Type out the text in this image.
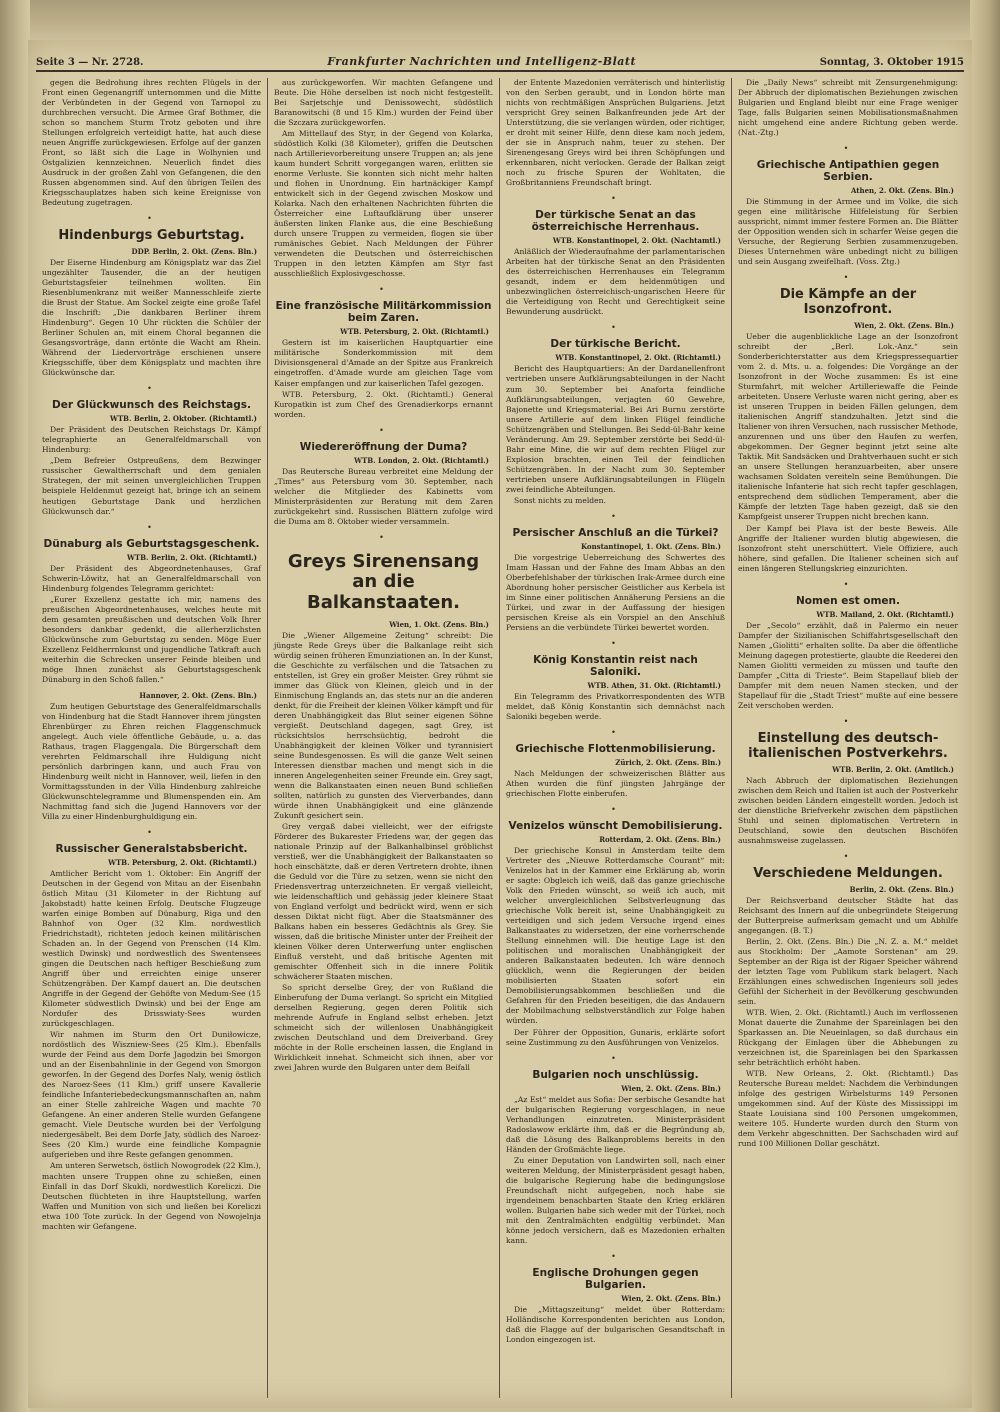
Seite 3 — Nr. 2728.	Frankfurter Nachrichten und Intelligenz-Blatt	Sonntag, 3. Oktober 1915

gegen die Bedrohung ihres rechten Flügels in der Front einen Gegenangriff unternommen und die Mitte der Verbündeten in der Gegend von Tarnopol zu durchbrechen versucht. Die Armee Graf Bothmer, die schon so manchem Sturm Trotz geboten und ihre Stellungen erfolgreich verteidigt hatte, hat auch diese neuen Angriffe zurückgewiesen. Erfolge auf der ganzen Front, so läßt sich die Lage in Wolhynien und Ostgalizien kennzeichnen. Neuerlich findet dies Ausdruck in der großen Zahl von Gefangenen, die den Russen abgenommen sind. Auf den übrigen Teilen des Kriegsschauplatzes haben sich keine Ereignisse von Bedeutung zugetragen.

•
Hindenburgs Geburtstag.
DDP. Berlin, 2. Okt. (Zens. Bln.)

Der Eiserne Hindenburg am Königsplatz war das Ziel ungezählter Tausender, die an der heutigen Geburtstagsfeier teilnehmen wollten. Ein Riesenblumenkranz mit weißer Mannesschleife zierte die Brust der Statue. Am Sockel zeigte eine große Tafel die Inschrift: „Die dankbaren Berliner ihrem Hindenburg“. Gegen 10 Uhr rückten die Schüler der Berliner Schulen an, mit einem Choral begannen die Gesangsvorträge, dann ertönte die Wacht am Rhein. Während der Liedervorträge erschienen unsere Kriegsschiffe, über dem Königsplatz und machten ihre Glückwünsche dar.

•
Der Glückwunsch des Reichstags.
WTB. Berlin, 2. Oktober. (Richtamtl.)

Der Präsident des Deutschen Reichstags Dr. Kämpf telegraphierte an Generalfeldmarschall von Hindenburg:

„Dem Befreier Ostpreußens, dem Bezwinger russischer Gewaltherrschaft und dem genialen Strategen, der mit seinen unvergleichlichen Truppen beispiele Heldenmut gezeigt hat, bringe ich an seinem heutigen Geburtstage Dank und herzlichen Glückwunsch dar.“

•
Dünaburg als Geburtstagsgeschenk.
WTB. Berlin, 2. Okt. (Richtamtl.)

Der Präsident des Abgeordnetenhauses, Graf Schwerin-Löwitz, hat an Generalfeldmarschall von Hindenburg folgendes Telegramm gerichtet:

„Eurer Exzellenz gestatte ich mir, namens des preußischen Abgeordnetenhauses, welches heute mit dem gesamten preußischen und deutschen Volk Ihrer besonders dankbar gedenkt, die allerherzlichsten Glückwünsche zum Geburtstag zu senden. Möge Euer Exzellenz Feldherrnkunst und jugendliche Tatkraft auch weiterhin die Schrecken unserer Feinde bleiben und möge Ihnen zunächst als Geburtstagsgeschenk Dünaburg in den Schoß fallen.“

Hannover, 2. Okt. (Zens. Bln.)

Zum heutigen Geburtstage des Generalfeldmarschalls von Hindenburg hat die Stadt Hannover ihrem jüngsten Ehrenbürger zu Ehren reichen Flaggenschmuck angelegt. Auch viele öffentliche Gebäude, u. a. das Rathaus, tragen Flaggengala. Die Bürgerschaft dem verehrten Feldmarschall ihre Huldigung nicht persönlich darbringen kann, und auch Frau von Hindenburg weilt nicht in Hannover, weil, liefen in den Vormittagsstunden in der Villa Hindenburg zahlreiche Glückwunschtelegramme und Blumenspenden ein. Am Nachmittag fand sich die Jugend Hannovers vor der Villa zu einer Hindenburghuldigung ein.

•
Russischer Generalstabsbericht.
WTB. Petersburg, 2. Okt. (Richtamtl.)

Amtlicher Bericht vom 1. Oktober: Ein Angriff der Deutschen in der Gegend von Mitau an der Eisenbahn östlich Mitau (31 Kilometer in der Richtung auf Jakobstadt) hatte keinen Erfolg. Deutsche Flugzeuge warfen einige Bomben auf Dünaburg, Riga und den Bahnhof von Oger (32 Klm. nordwestlich Friedrichstadt), richteten jedoch keinen militärischen Schaden an. In der Gegend von Prenschen (14 Klm. westlich Dwinsk) und nordwestlich des Swentensees gingen die Deutschen nach heftiger Beschießung zum Angriff über und erreichten einige unserer Schützengräben. Der Kampf dauert an. Die deutschen Angriffe in der Gegend der Gehöfte von Medum-See (15 Kilometer südwestlich Dwinsk) und bei der Enge am Nordufer des Drisswiaty-Sees wurden zurückgeschlagen.

Wir nahmen im Sturm den Ort Duniłowicze, nordöstlich des Wiszniew-Sees (25 Klm.). Ebenfalls wurde der Feind aus dem Dorfe Jagodzin bei Smorgon und an der Eisenbahnlinie in der Gegend von Smorgon geworfen. In der Gegend des Dorfes Naly, wenig östlich des Naroez-Sees (11 Klm.) griff unsere Kavallerie feindliche Infanteriebedeckungsmannschaften an, nahm an einer Stelle zahlreiche Wagen und machte 70 Gefangene. An einer anderen Stelle wurden Gefangene gemacht. Viele Deutsche wurden bei der Verfolgung niedergesäbelt. Bei dem Dorfe Jaty, südlich des Naroez-Sees (20 Klm.) wurde eine feindliche Kompagnie aufgerieben und ihre Reste gefangen genommen.

Am unteren Serwetsch, östlich Nowogrodek (22 Klm.), machten unsere Truppen ohne zu schießen, einen Einfall in das Dorf Skukli, nordwestlich Koreliczi. Die Deutschen flüchteten in ihre Hauptstellung, warfen Waffen und Munition von sich und ließen bei Koreliczi etwa 100 Tote zurück. In der Gegend von Nowojelnja machten wir Gefangene.

aus zurückgeworfen. Wir machten Gefangene und Beute. Die Höhe derselben ist noch nicht festgestellt. Bei Sarjetschje und Denissowecht, südöstlich Baranowitschi (8 und 15 Klm.) wurden der Feind über die Szczara zurückgeworfen.

Am Mittellauf des Styr, in der Gegend von Kolarka, südöstlich Kolki (38 Kilometer), griffen die Deutschen nach Artillerievorbereitung unsere Truppen an; als jene kaum hundert Schritt vorgegangen waren, erlitten sie enorme Verluste. Sie konnten sich nicht mehr halten und flohen in Unordnung. Ein hartnäckiger Kampf entwickelt sich in der Gegend zwischen Moskow und Kolarka. Nach den erhaltenen Nachrichten führten die Österreicher eine Luftaufklärung über unserer äußersten linken Flanke aus, die eine Beschießung durch unsere Truppen zu vermeiden, flogen sie über rumänisches Gebiet. Nach Meldungen der Führer verwendeten die Deutschen und österreichischen Truppen in den letzten Kämpfen am Styr fast ausschließlich Explosivgeschosse.

•
Eine französische Militärkommission beim Zaren.
WTB. Petersburg, 2. Okt. (Richtamtl.)

Gestern ist im kaiserlichen Hauptquartier eine militärische Sonderkommission mit dem Divisionsgeneral d'Amade an der Spitze aus Frankreich eingetroffen. d'Amade wurde am gleichen Tage vom Kaiser empfangen und zur kaiserlichen Tafel gezogen.

WTB. Petersburg, 2. Okt. (Richtamtl.) General Kuropatkin ist zum Chef des Grenadierkorps ernannt worden.

•
Wiedereröffnung der Duma?
WTB. London, 2. Okt. (Richtamtl.)

Das Reutersche Bureau verbreitet eine Meldung der „Times“ aus Petersburg vom 30. September, nach welcher die Mitglieder des Kabinetts vom Ministerpräsidenten zur Beratung mit dem Zaren zurückgekehrt sind. Russischen Blättern zufolge wird die Duma am 8. Oktober wieder versammeln.

•
Greys Sirenensang an die Balkanstaaten.
Wien, 1. Okt. (Zens. Bln.)

Die „Wiener Allgemeine Zeitung“ schreibt: Die jüngste Rede Greys über die Balkanlage reiht sich würdig seinen früheren Emunziationen an. In der Kunst, die Geschichte zu verfälschen und die Tatsachen zu entstellen, ist Grey ein großer Meister. Grey rühmt sie immer das Glück von Kleinen, gleich und in der Einmischung Englands an, das stets nur an die anderen denkt, für die Freiheit der kleinen Völker kämpft und für deren Unabhängigkeit das Blut seiner eigenen Söhne vergießt. Deutschland dagegen, sagt Grey, ist rücksichtslos herrschsüchtig, bedroht die Unabhängigkeit der kleinen Völker und tyrannisiert seine Bundesgenossen. Es will die ganze Welt seinen Interessen dienstbar machen und mengt sich in die inneren Angelegenheiten seiner Freunde ein. Grey sagt, wenn die Balkanstaaten einen neuen Bund schließen sollten, natürlich zu gunsten des Vierverbandes, dann würde ihnen Unabhängigkeit und eine glänzende Zukunft gesichert sein.

Grey vergaß dabei vielleicht, wer der eifrigste Förderer des Bukarester Friedens war, der gegen das nationale Prinzip auf der Balkanhalbinsel gröblichst verstieß, wer die Unabhängigkeit der Balkanstaaten so hoch einschätzte, daß er deren Vertretern drohte, ihnen die Geduld vor die Türe zu setzen, wenn sie nicht den Friedensvertrag unterzeichneten. Er vergaß vielleicht, wie leidenschaftlich und gehässig jeder kleinere Staat von England verfolgt und bedrückt wird, wenn er sich dessen Diktat nicht fügt. Aber die Staatsmänner des Balkans haben ein besseres Gedächtnis als Grey. Sie wissen, daß die britische Minister unter der Freiheit der kleinen Völker deren Unterwerfung unter englischen Einfluß versteht, und daß britische Agenten mit gemischter Offenheit sich in die innere Politik schwächerer Staaten mischen.

So spricht derselbe Grey, der von Rußland die Einberufung der Duma verlangt. So spricht ein Mitglied derselben Regierung, gegen deren Politik sich mehrende Aufrufe in England selbst erheben. Jetzt schmeicht sich der willenlosen Unabhängigkeit zwischen Deutschland und dem Dreiverband. Grey möchte in der Rolle erscheinen lassen, die England in Wirklichkeit innehat. Schmeicht sich ihnen, aber vor zwei Jahren wurde den Bulgaren unter dem Beifall

der Entente Mazedonien verräterisch und hinterlistig von den Serben geraubt, und in London hörte man nichts von rechtmäßigen Ansprüchen Bulgariens. Jetzt verspricht Grey seinen Balkanfreunden jede Art der Unterstützung, die sie verlangen würden, oder richtiger, er droht mit seiner Hilfe, denn diese kam noch jedem, der sie in Anspruch nahm, teuer zu stehen. Der Sirenengesang Greys wird bei ihren Schöpfungen und erkennbaren, nicht verlocken. Gerade der Balkan zeigt noch zu frische Spuren der Wohltaten, die Großbritanniens Freundschaft bringt.

•
Der türkische Senat an das österreichische Herrenhaus.
WTB. Konstantinopel, 2. Okt. (Nachtamtl.)

Anläßlich der Wiederaufnahme der parlamentarischen Arbeiten hat der türkische Senat an den Präsidenten des österreichischen Herrenhauses ein Telegramm gesandt, indem er dem heldenmütigen und unbezwinglichen österreichisch-ungarischen Heere für die Verteidigung von Recht und Gerechtigkeit seine Bewunderung ausdrückt.

•
Der türkische Bericht.
WTB. Konstantinopel, 2. Okt. (Richtamtl.)

Bericht des Hauptquartiers: An der Dardanellenfront vertrieben unsere Aufklärungsabteilungen in der Nacht zum 30. September bei Anaforta feindliche Aufklärungsabteilungen, verjagten 60 Gewehre, Bajonette und Kriegsmaterial. Bei Ari Burnu zerstörte unsere Artillerie auf dem linken Flügel feindliche Schützengräben und Stellungen. Bei Sedd-ül-Bahr keine Veränderung. Am 29. September zerstörte bei Sedd-ül-Bahr eine Mine, die wir auf dem rechten Flügel zur Explosion brachten, einen Teil der feindlichen Schützengräben. In der Nacht zum 30. September vertrieben unsere Aufklärungsabteilungen in Flügeln zwei feindliche Abteilungen.

Sonst nichts zu melden.

•
Persischer Anschluß an die Türkei?
Konstantinopel, 1. Okt. (Zens. Bln.)

Die vorgestrige Ueberreichung des Schwertes des Imam Hassan und der Fahne des Imam Abbas an den Oberbefehlshaber der türkischen Irak-Armee durch eine Abordnung hoher persischer Geistlicher aus Kerbela ist im Sinne einer politischen Annäherung Persiens an die Türkei, und zwar in der Auffassung der hiesigen persischen Kreise als ein Vorspiel an den Anschluß Persiens an die verbündete Türkei bewertet worden.

•
König Konstantin reist nach Saloniki.
WTB. Athen, 31. Okt. (Richtamtl.)

Ein Telegramm des Privatkorrespondenten des WTB meldet, daß König Konstantin sich demnächst nach Saloniki begeben werde.

•
Griechische Flottenmobilisierung.
Zürich, 2. Okt. (Zens. Bln.)

Nach Meldungen der schweizerischen Blätter aus Athen wurden die fünf jüngsten Jahrgänge der griechischen Flotte einberufen.

•
Venizelos wünscht Demobilisierung.
Rotterdam, 2. Okt. (Zens. Bln.)

Der griechische Konsul in Amsterdam teilte dem Vertreter des „Nieuwe Rotterdamsche Courant“ mit: Venizelos hat in der Kammer eine Erklärung ab, worin er sagte: Obgleich ich weiß, daß das ganze griechische Volk den Frieden wünscht, so weiß ich auch, mit welcher unvergleichlichen Selbstverleugnung das griechische Volk bereit ist, seine Unabhängigkeit zu verteidigen und sich jedem Versuche irgend eines Balkanstaates zu widersetzen, der eine vorherrschende Stellung einnehmen will. Die heutige Lage ist den politischen und moralischen Unabhängigkeit der anderen Balkanstaaten bedeuten. Ich wäre dennoch glücklich, wenn die Regierungen der beiden mobilisierten Staaten sofort ein Demobilisierungsabkommen beschließen und die Gefahren für den Frieden beseitigen, die das Andauern der Mobilmachung selbstverständlich zur Folge haben würden.

Der Führer der Opposition, Gunaris, erklärte sofort seine Zustimmung zu den Ausführungen von Venizelos.

•
Bulgarien noch unschlüssig.
Wien, 2. Okt. (Zens. Bln.)

„Az Est“ meldet aus Sofia: Der serbische Gesandte hat der bulgarischen Regierung vorgeschlagen, in neue Verhandlungen einzutreten. Ministerpräsident Radoslawow erklärte ihm, daß er die Begründung ab, daß die Lösung des Balkanproblems bereits in den Händen der Großmächte liege.

Zu einer Deputation von Landwirten soll, nach einer weiteren Meldung, der Ministerpräsident gesagt haben, die bulgarische Regierung habe die bedingungslose Freundschaft nicht aufgegeben, noch habe sie irgendeinem benachbarten Staate den Krieg erklären wollen. Bulgarien habe sich weder mit der Türkei, noch mit den Zentralmächten endgültig verbündet. Man könne jedoch versichern, daß es Mazedonien erhalten kann.

•
Englische Drohungen gegen Bulgarien.
Wien, 2. Okt. (Zens. Bln.)

Die „Mittagszeitung“ meldet über Rotterdam: Holländische Korrespondenten berichten aus London, daß die Flagge auf der bulgarischen Gesandtschaft in London eingezogen ist.

Die „Daily News“ schreibt mit Zensurgenehmigung: Der Abbruch der diplomatischen Beziehungen zwischen Bulgarien und England bleibt nur eine Frage weniger Tage, falls Bulgarien seinen Mobilisationsmaßnahmen nicht umgehend eine andere Richtung geben werde. (Nat.-Ztg.)

•
Griechische Antipathien gegen Serbien.
Athen, 2. Okt. (Zens. Bln.)

Die Stimmung in der Armee und im Volke, die sich gegen eine militärische Hilfeleistung für Serbien ausspricht, nimmt immer festere Formen an. Die Blätter der Opposition wenden sich in scharfer Weise gegen die Versuche, der Regierung Serbien zusammenzugeben. Dieses Unternehmen wäre unbedingt nicht zu billigen und sein Ausgang zweifelhaft. (Voss. Ztg.)

•
Die Kämpfe an der Isonzofront.
Wien, 2. Okt. (Zens. Bln.)

Ueber die augenblickliche Lage an der Isonzofront schreibt der „Berl. Lok.-Anz.“ sein Sonderberichterstatter aus dem Kriegspressequartier vom 2. d. Mts. u. a. folgendes: Die Vorgänge an der Isonzofront in der Woche zusammen: Es ist eine Sturmfahrt, mit welcher Artilleriewaffe die Feinde arbeiteten. Unsere Verluste waren nicht gering, aber es ist unseren Truppen in beiden Fällen gelungen, dem italienischen Angriff standzuhalten. Jetzt sind die Italiener von ihren Versuchen, nach russischer Methode, anzurennen und uns über den Haufen zu werfen, abgekommen. Der Gegner beginnt jetzt seine alte Taktik. Mit Sandsäcken und Drahtverhauen sucht er sich an unsere Stellungen heranzuarbeiten, aber unsere wachsamen Soldaten vereiteln seine Bemühungen. Die italienische Infanterie hat sich recht tapfer geschlagen, entsprechend dem südlichen Temperament, aber die Kämpfe der letzten Tage haben gezeigt, daß sie den Kampfgeist unserer Truppen nicht brechen kann.

Der Kampf bei Plava ist der beste Beweis. Alle Angriffe der Italiener wurden blutig abgewiesen, die Isonzofront steht unerschüttert. Viele Offiziere, auch höhere, sind gefallen. Die Italiener scheinen sich auf einen längeren Stellungskrieg einzurichten.

•
Nomen est omen.
WTB. Mailand, 2. Okt. (Richtamtl.)

Der „Secolo“ erzählt, daß in Palermo ein neuer Dampfer der Sizilianischen Schiffahrtsgesellschaft den Namen „Giolitti“ erhalten sollte. Da aber die öffentliche Meinung dagegen protestierte, glaubte die Reederei den Namen Giolitti vermeiden zu müssen und taufte den Dampfer „Citta di Trieste“. Beim Stapellauf blieb der Dampfer mit dem neuen Namen stecken, und der Stapellauf für die „Stadt Triest“ mußte auf eine bessere Zeit verschoben werden.

•
Einstellung des deutsch-italienischen Postverkehrs.
WTB. Berlin, 2. Okt. (Amtlich.)

Nach Abbruch der diplomatischen Beziehungen zwischen dem Reich und Italien ist auch der Postverkehr zwischen beiden Ländern eingestellt worden. Jedoch ist der dienstliche Briefverkehr zwischen dem päpstlichen Stuhl und seinen diplomatischen Vertretern in Deutschland, sowie den deutschen Bischöfen ausnahmsweise zugelassen.

•
Verschiedene Meldungen.
Berlin, 2. Okt. (Zens. Bln.)

Der Reichsverband deutscher Städte hat das Reichsamt des Innern auf die unbegründete Steigerung der Butterpreise aufmerksam gemacht und um Abhilfe angegangen. (B. T.)

Berlin, 2. Okt. (Zens. Bln.) Die „N. Z. a. M.“ meldet aus Stockholm: Der „Aamote Sorstenan“ am 29. September an der Riga ist der Rigaer Speicher während der letzten Tage vom Publikum stark belagert. Nach Erzählungen eines schwedischen Ingenieurs soll jedes Gefühl der Sicherheit in der Bevölkerung geschwunden sein.

WTB. Wien, 2. Okt. (Richtamtl.) Auch im verflossenen Monat dauerte die Zunahme der Spareinlagen bei den Sparkassen an. Die Neueinlagen, so daß durchaus ein Rückgang der Einlagen über die Abhebungen zu verzeichnen ist, die Spareinlagen bei den Sparkassen sehr beträchtlich erhöht haben.

WTB. New Orleans, 2. Okt. (Richtamtl.) Das Reutersche Bureau meldet: Nachdem die Verbindungen infolge des gestrigen Wirbelsturms 149 Personen umgekommen sind. Auf der Küste des Mississippi im Staate Louisiana sind 100 Personen umgekommen, weitere 105. Hunderte wurden durch den Sturm von dem Verkehr abgeschnitten. Der Sachschaden wird auf rund 100 Millionen Dollar geschätzt.
